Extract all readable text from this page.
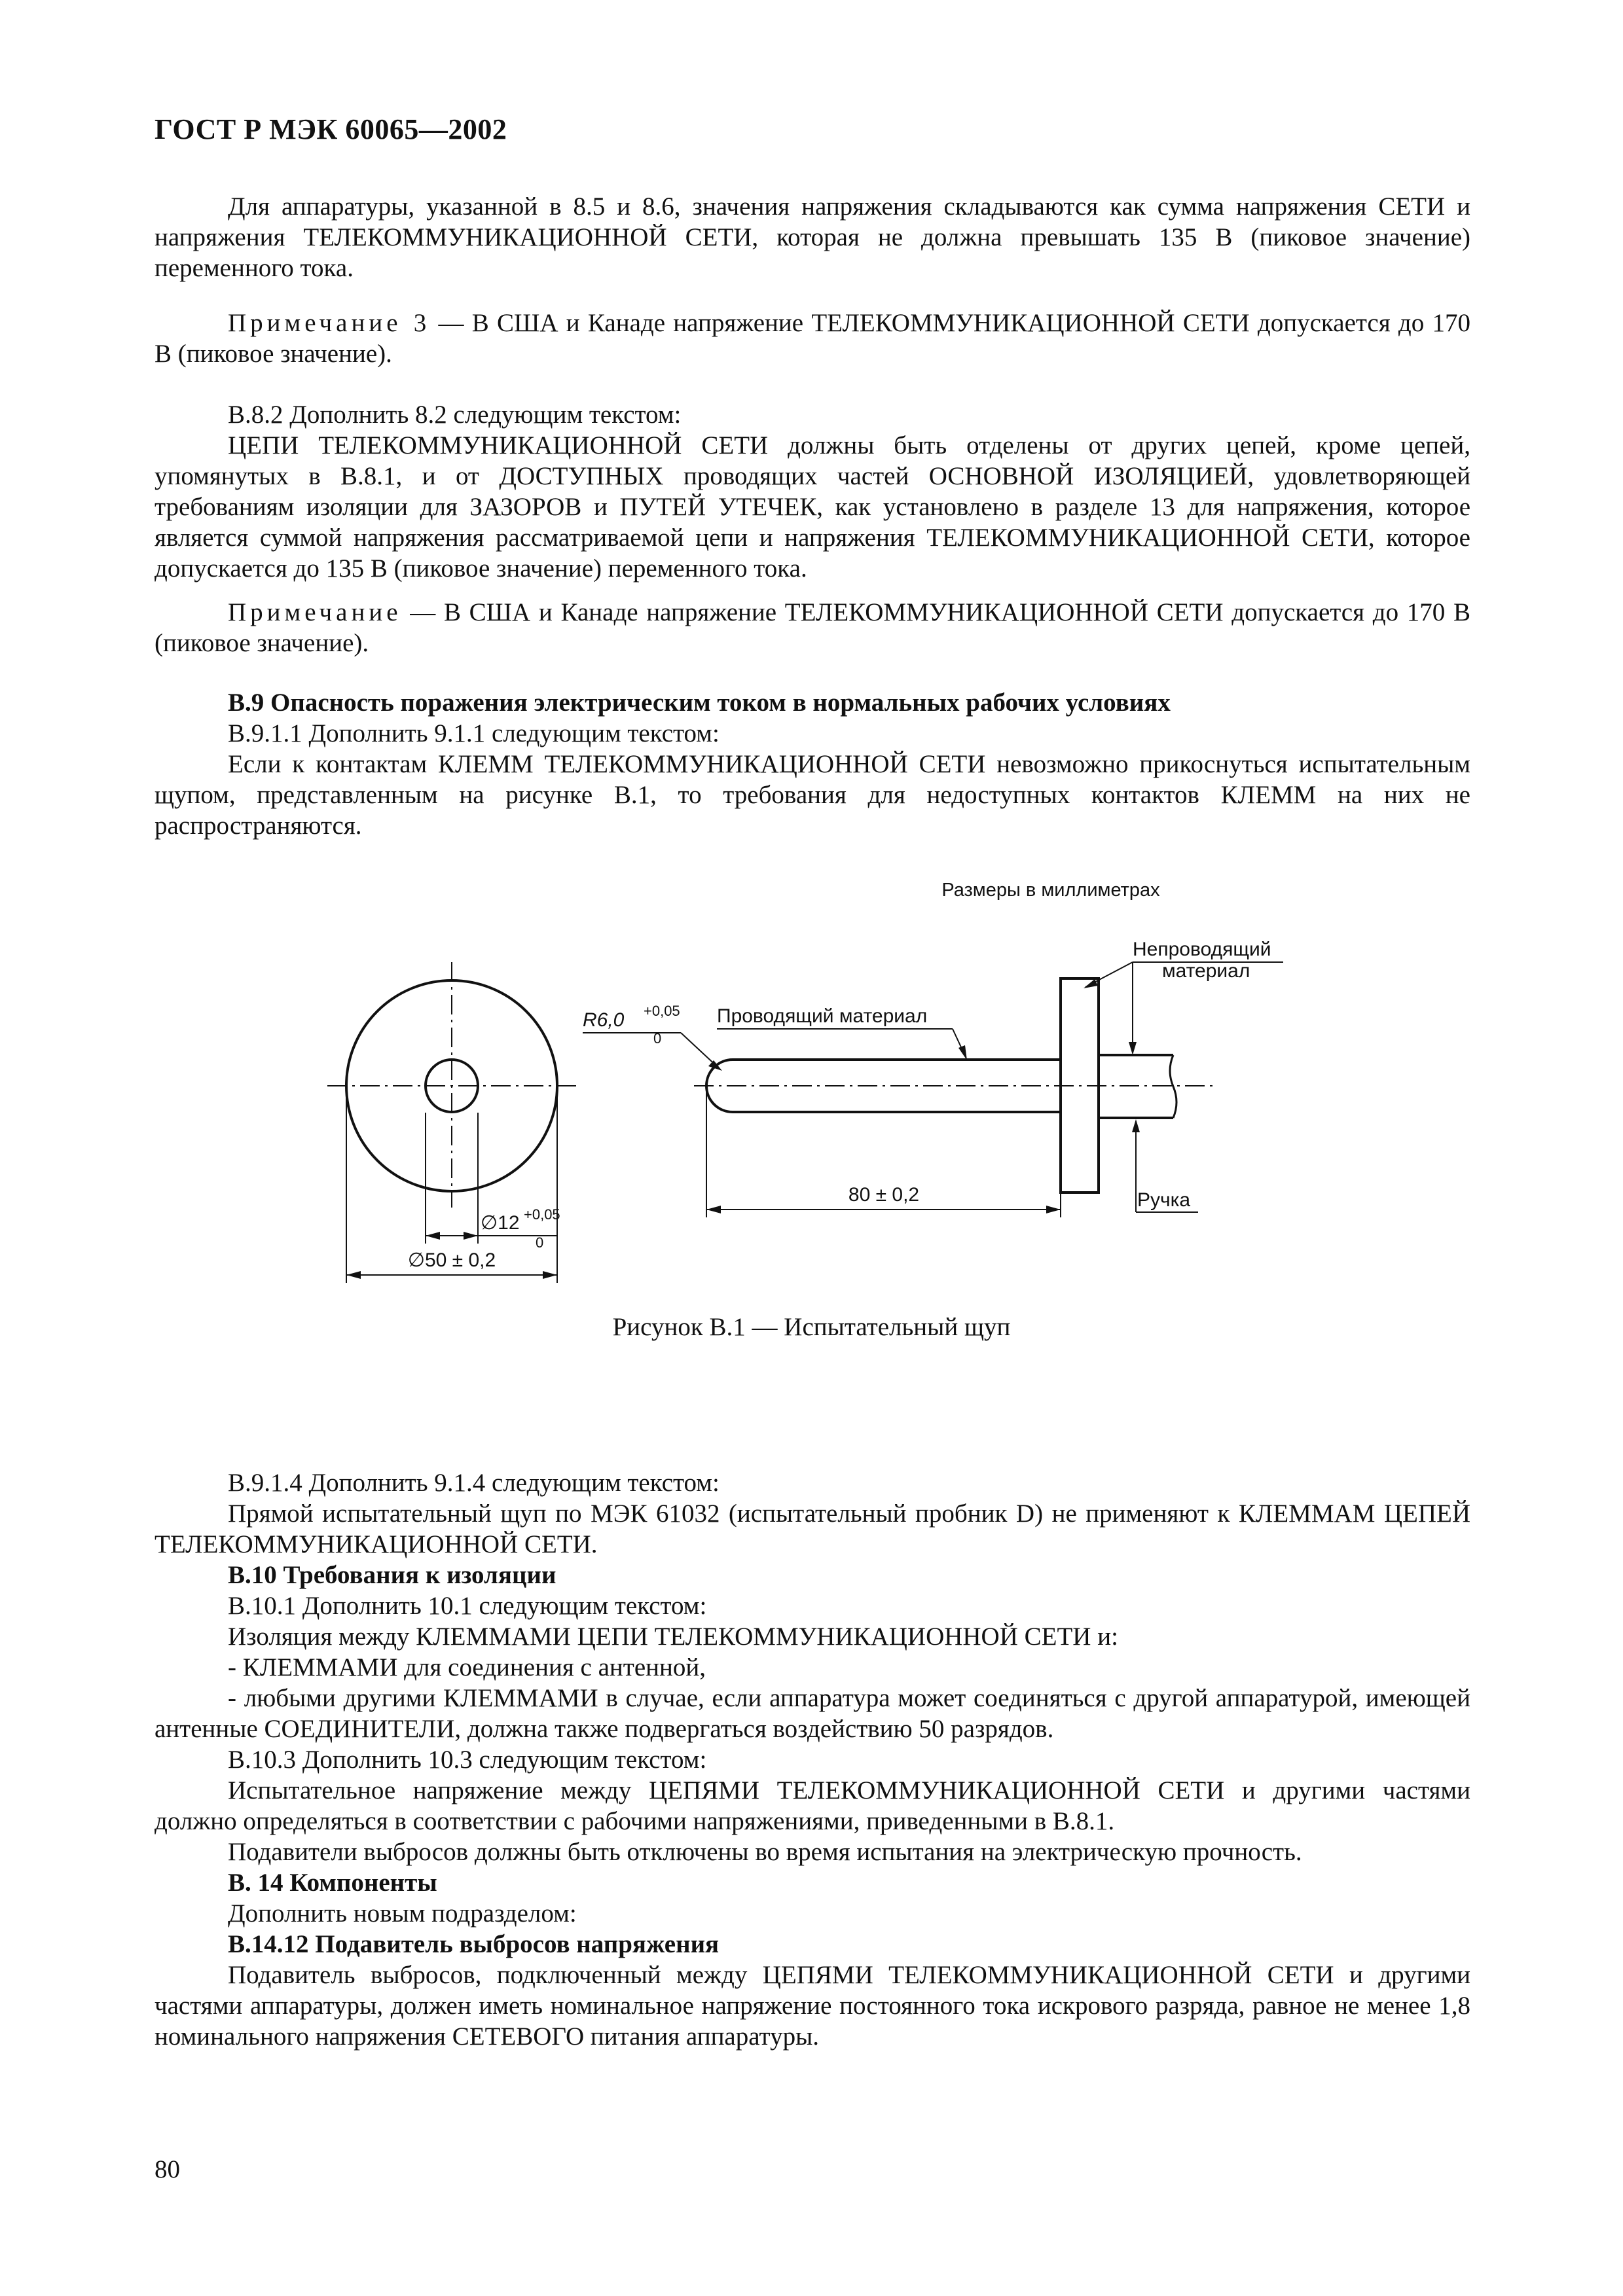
ГОСТ Р МЭК 60065—2002

Для аппаратуры, указанной в 8.5 и 8.6, значения напряжения складываются как сумма напряжения СЕТИ и напряжения ТЕЛЕКОММУНИКАЦИОННОЙ СЕТИ, которая не должна превышать 135 В (пиковое значение) переменного тока.

Примечание 3 — В США и Канаде напряжение ТЕЛЕКОММУНИКАЦИОННОЙ СЕТИ допускается до 170 В (пиковое значение).

B.8.2 Дополнить 8.2 следующим текстом:

ЦЕПИ ТЕЛЕКОММУНИКАЦИОННОЙ СЕТИ должны быть отделены от других цепей, кроме цепей, упомянутых в B.8.1, и от ДОСТУПНЫХ проводящих частей ОСНОВНОЙ ИЗОЛЯЦИЕЙ, удовлетворяющей требованиям изоляции для ЗАЗОРОВ и ПУТЕЙ УТЕЧЕК, как установлено в разделе 13 для напряжения, которое является суммой напряжения рассматриваемой цепи и напряжения ТЕЛЕКОММУНИКАЦИОННОЙ СЕТИ, которое допускается до 135 В (пиковое значение) переменного тока.

Примечание — В США и Канаде напряжение ТЕЛЕКОММУНИКАЦИОННОЙ СЕТИ допускается до 170 В (пиковое значение).

B.9 Опасность поражения электрическим током в нормальных рабочих условиях

B.9.1.1 Дополнить 9.1.1 следующим текстом:

Если к контактам КЛЕММ ТЕЛЕКОММУНИКАЦИОННОЙ СЕТИ невозможно прикоснуться испытательным щупом, представленным на рисунке B.1, то требования для недоступных контактов КЛЕММ на них не распространяются.

Размеры в миллиметрах
∅12 +0,05
0
∅50 ± 0,2
80 ± 0,2
R6,0 +0,05
0
Проводящий материал
Непроводящий
материал
Ручка
Рисунок B.1 — Испытательный щуп

B.9.1.4 Дополнить 9.1.4 следующим текстом:

Прямой испытательный щуп по МЭК 61032 (испытательный пробник D) не применяют к КЛЕММАМ ЦЕПЕЙ ТЕЛЕКОММУНИКАЦИОННОЙ СЕТИ.

B.10 Требования к изоляции

B.10.1 Дополнить 10.1 следующим текстом:

Изоляция между КЛЕММАМИ ЦЕПИ ТЕЛЕКОММУНИКАЦИОННОЙ СЕТИ и:

- КЛЕММАМИ для соединения с антенной,

- любыми другими КЛЕММАМИ в случае, если аппаратура может соединяться с другой аппаратурой, имеющей антенные СОЕДИНИТЕЛИ, должна также подвергаться воздействию 50 разрядов.

B.10.3 Дополнить 10.3 следующим текстом:

Испытательное напряжение между ЦЕПЯМИ ТЕЛЕКОММУНИКАЦИОННОЙ СЕТИ и другими частями должно определяться в соответствии с рабочими напряжениями, приведенными в B.8.1.

Подавители выбросов должны быть отключены во время испытания на электрическую прочность.

B. 14 Компоненты

Дополнить новым подразделом:

B.14.12 Подавитель выбросов напряжения

Подавитель выбросов, подключенный между ЦЕПЯМИ ТЕЛЕКОММУНИКАЦИОННОЙ СЕТИ и другими частями аппаратуры, должен иметь номинальное напряжение постоянного тока искрового разряда, равное не менее 1,8 номинального напряжения СЕТЕВОГО питания аппаратуры.

80
